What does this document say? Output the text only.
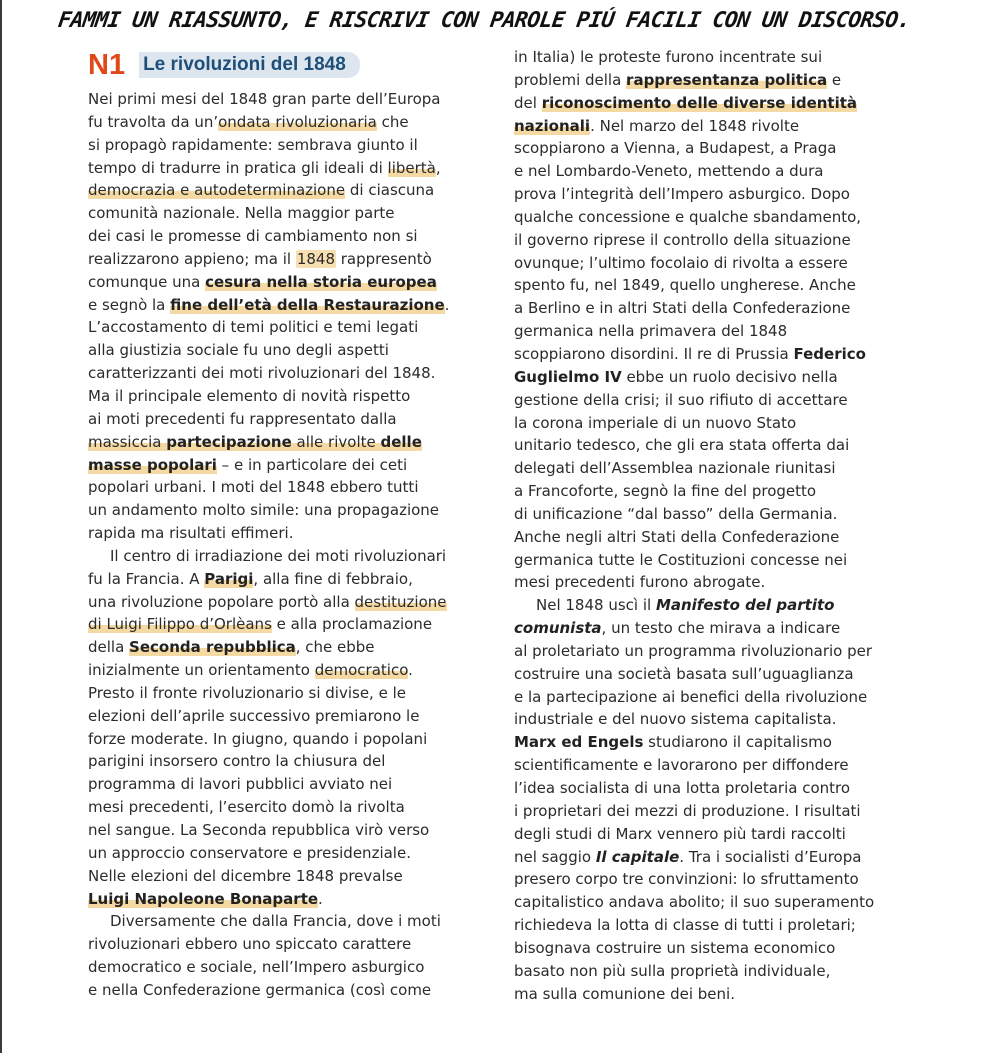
FAMMI UN RIASSUNTO, E RISCRIVI CON PAROLE PIÚ FACILI CON UN DISCORSO.
N1 Le rivoluzioni del 1848
Nei primi mesi del 1848 gran parte dell’Europa
fu travolta da un’ondata rivoluzionaria che
si propagò rapidamente: sembrava giunto il
tempo di tradurre in pratica gli ideali di libertà,
democrazia e autodeterminazione di ciascuna
comunità nazionale. Nella maggior parte
dei casi le promesse di cambiamento non si
realizzarono appieno; ma il 1848 rappresentò
comunque una cesura nella storia europea
e segnò la fine dell’età della Restaurazione.
L’accostamento di temi politici e temi legati
alla giustizia sociale fu uno degli aspetti
caratterizzanti dei moti rivoluzionari del 1848.
Ma il principale elemento di novità rispetto
ai moti precedenti fu rappresentato dalla
massiccia partecipazione alle rivolte delle
masse popolari – e in particolare dei ceti
popolari urbani. I moti del 1848 ebbero tutti
un andamento molto simile: una propagazione
rapida ma risultati effimeri.
Il centro di irradiazione dei moti rivoluzionari
fu la Francia. A Parigi, alla fine di febbraio,
una rivoluzione popolare portò alla destituzione
di Luigi Filippo d’Orlèans e alla proclamazione
della Seconda repubblica, che ebbe
inizialmente un orientamento democratico.
Presto il fronte rivoluzionario si divise, e le
elezioni dell’aprile successivo premiarono le
forze moderate. In giugno, quando i popolani
parigini insorsero contro la chiusura del
programma di lavori pubblici avviato nei
mesi precedenti, l’esercito domò la rivolta
nel sangue. La Seconda repubblica virò verso
un approccio conservatore e presidenziale.
Nelle elezioni del dicembre 1848 prevalse
Luigi Napoleone Bonaparte.
Diversamente che dalla Francia, dove i moti
rivoluzionari ebbero uno spiccato carattere
democratico e sociale, nell’Impero asburgico
e nella Confederazione germanica (così come
in Italia) le proteste furono incentrate sui
problemi della rappresentanza politica e
del riconoscimento delle diverse identità
nazionali. Nel marzo del 1848 rivolte
scoppiarono a Vienna, a Budapest, a Praga
e nel Lombardo-Veneto, mettendo a dura
prova l’integrità dell’Impero asburgico. Dopo
qualche concessione e qualche sbandamento,
il governo riprese il controllo della situazione
ovunque; l’ultimo focolaio di rivolta a essere
spento fu, nel 1849, quello ungherese. Anche
a Berlino e in altri Stati della Confederazione
germanica nella primavera del 1848
scoppiarono disordini. Il re di Prussia Federico
Guglielmo IV ebbe un ruolo decisivo nella
gestione della crisi; il suo rifiuto di accettare
la corona imperiale di un nuovo Stato
unitario tedesco, che gli era stata offerta dai
delegati dell’Assemblea nazionale riunitasi
a Francoforte, segnò la fine del progetto
di unificazione “dal basso” della Germania.
Anche negli altri Stati della Confederazione
germanica tutte le Costituzioni concesse nei
mesi precedenti furono abrogate.
Nel 1848 uscì il Manifesto del partito
comunista, un testo che mirava a indicare
al proletariato un programma rivoluzionario per
costruire una società basata sull’uguaglianza
e la partecipazione ai benefici della rivoluzione
industriale e del nuovo sistema capitalista.
Marx ed Engels studiarono il capitalismo
scientificamente e lavorarono per diffondere
l’idea socialista di una lotta proletaria contro
i proprietari dei mezzi di produzione. I risultati
degli studi di Marx vennero più tardi raccolti
nel saggio Il capitale. Tra i socialisti d’Europa
presero corpo tre convinzioni: lo sfruttamento
capitalistico andava abolito; il suo superamento
richiedeva la lotta di classe di tutti i proletari;
bisognava costruire un sistema economico
basato non più sulla proprietà individuale,
ma sulla comunione dei beni.
